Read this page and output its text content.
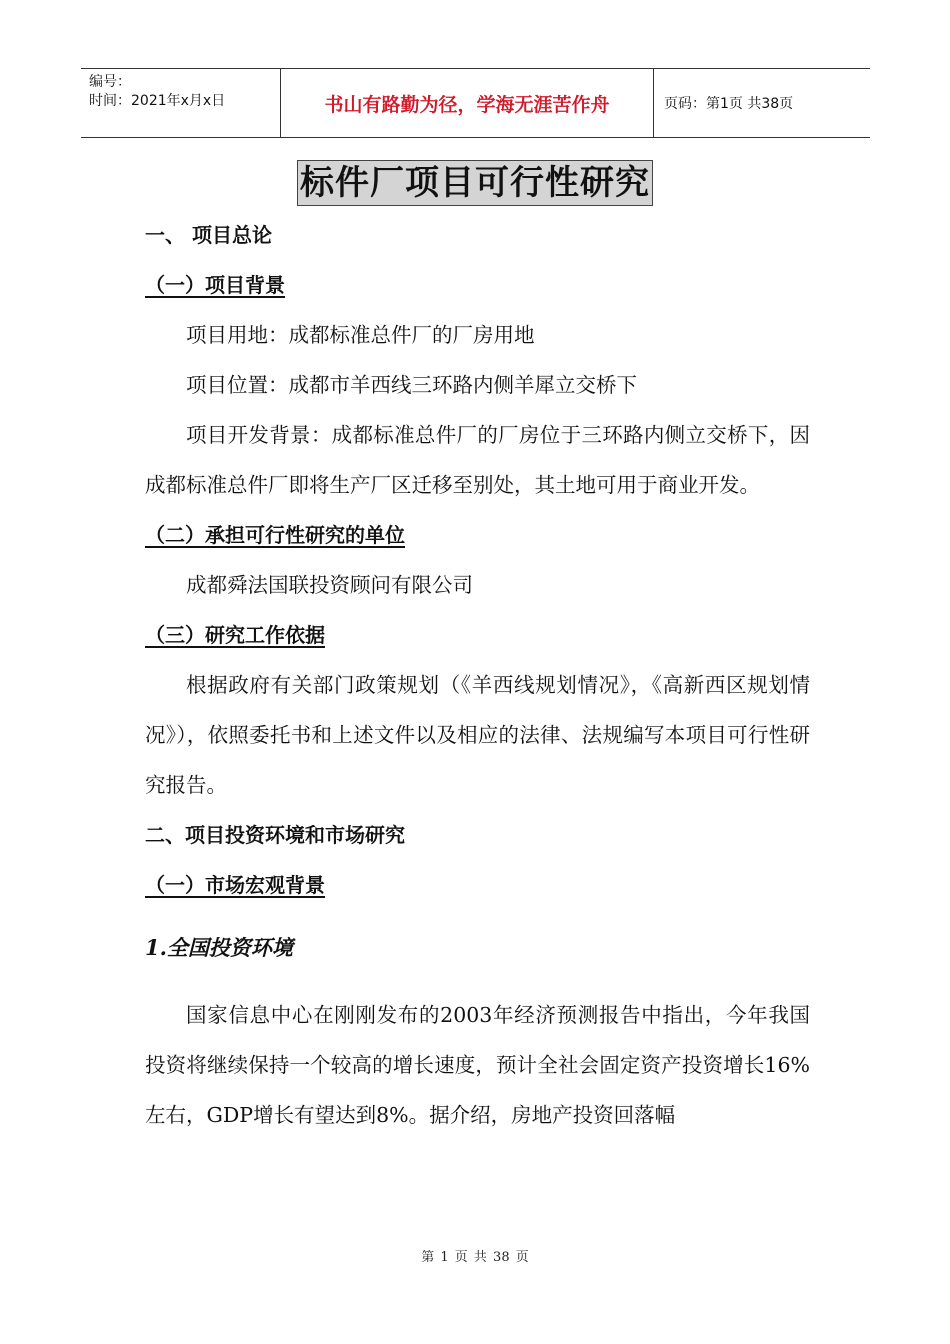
编号：
时间：2021年x月x日	书山有路勤为径，学海无涯苦作舟	页码：第1页 共38页
标件厂项目可行性研究
一、 项目总论
（一）项目背景

项目用地：成都标准总件厂的厂房用地

项目位置：成都市羊西线三环路内侧羊犀立交桥下

项目开发背景：成都标准总件厂的厂房位于三环路内侧立交桥下，因成都标准总件厂即将生产厂区迁移至别处，其土地可用于商业开发。

（二）承担可行性研究的单位

成都舜法国联投资顾问有限公司

（三）研究工作依据

根据政府有关部门政策规划（《羊西线规划情况》，《高新西区规划情况》），依照委托书和上述文件以及相应的法律、法规编写本项目可行性研究报告。

二、项目投资环境和市场研究
（一）市场宏观背景
1.全国投资环境

国家信息中心在刚刚发布的2003年经济预测报告中指出，今年我国投资将继续保持一个较高的增长速度，预计全社会固定资产投资增长16%左右，GDP增长有望达到8%。据介绍，房地产投资回落幅

第 1 页 共 38 页
